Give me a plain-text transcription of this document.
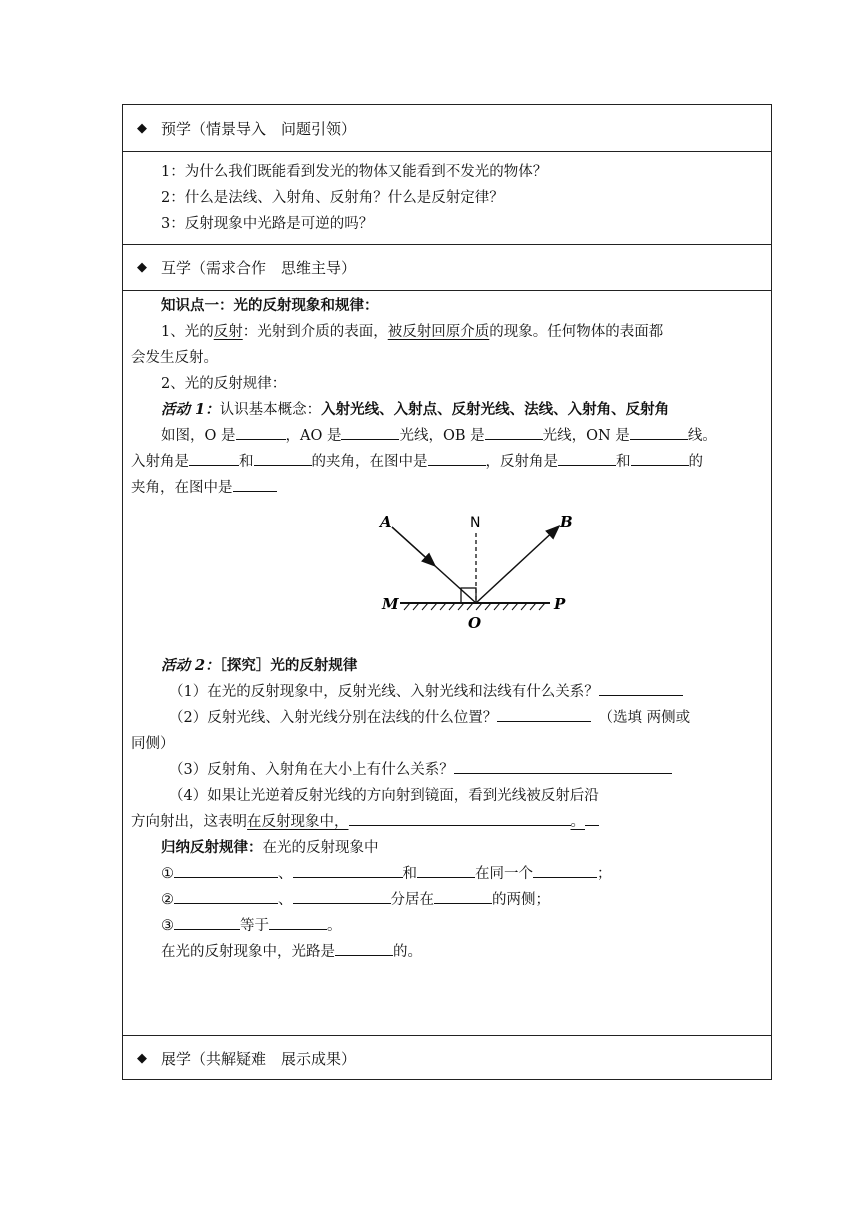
◆ 预学（情景导入　问题引领）
1：为什么我们既能看到发光的物体又能看到不发光的物体？
2：什么是法线、入射角、反射角？什么是反射定律？
3：反射现象中光路是可逆的吗？
◆ 互学（需求合作　思维主导）
知识点一：光的反射现象和规律：
1、光的反射：光射到介质的表面，被反射回原介质的现象。任何物体的表面都
会发生反射。
2、光的反射规律：
活动 1：认识基本概念：入射光线、入射点、反射光线、法线、入射角、反射角
如图，O 是	，AO 是	光线，OB 是	光线，ON 是	线。
入射角是	和	的夹角，在图中是	，反射角是	和	的
夹角，在图中是
A	N	B
M	P
O
活动 2：［探究］光的反射规律
（1）在光的反射现象中，反射光线、入射光线和法线有什么关系？
（2）反射光线、入射光线分别在法线的什么位置？　	（选填 两侧或
同侧）
（3）反射角、入射角在大小上有什么关系？
（4）如果让光逆着反射光线的方向射到镜面，看到光线被反射后沿
方向射出，这表明在反射现象中，	。
归纳反射规律：在光的反射现象中
①	、	和	在同一个	；
②	、	分居在	的两侧；
③	等于	。
在光的反射现象中，光路是	的。
◆ 展学（共解疑难　展示成果）
